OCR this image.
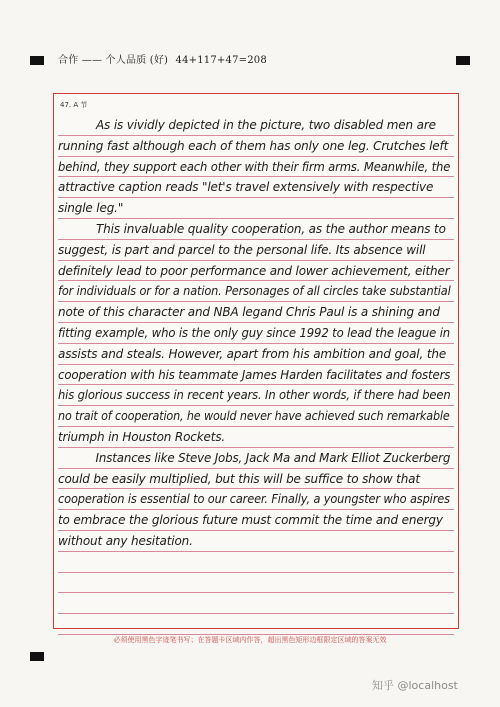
合作 —— 个人品质 (好) 44+117+47=208
47. A 节
As is vividly depicted in the picture, two disabled men are
running fast although each of them has only one leg. Crutches left
behind, they support each other with their firm arms. Meanwhile, the
attractive caption reads "let's travel extensively with respective
single leg."
This invaluable quality cooperation, as the author means to
suggest, is part and parcel to the personal life. Its absence will
definitely lead to poor performance and lower achievement, either
for individuals or for a nation. Personages of all circles take substantial
note of this character and NBA legand Chris Paul is a shining and
fitting example, who is the only guy since 1992 to lead the league in
assists and steals. However, apart from his ambition and goal, the
cooperation with his teammate James Harden facilitates and fosters
his glorious success in recent years. In other words, if there had been
no trait of cooperation, he would never have achieved such remarkable
triumph in Houston Rockets.
Instances like Steve Jobs, Jack Ma and Mark Elliot Zuckerberg
could be easily multiplied, but this will be suffice to show that
cooperation is essential to our career. Finally, a youngster who aspires
to embrace the glorious future must commit the time and energy
without any hesitation.
必须使用黑色字迹笔书写；在答题卡区域内作答，超出黑色矩形边框限定区域的答案无效
知乎 @localhost
